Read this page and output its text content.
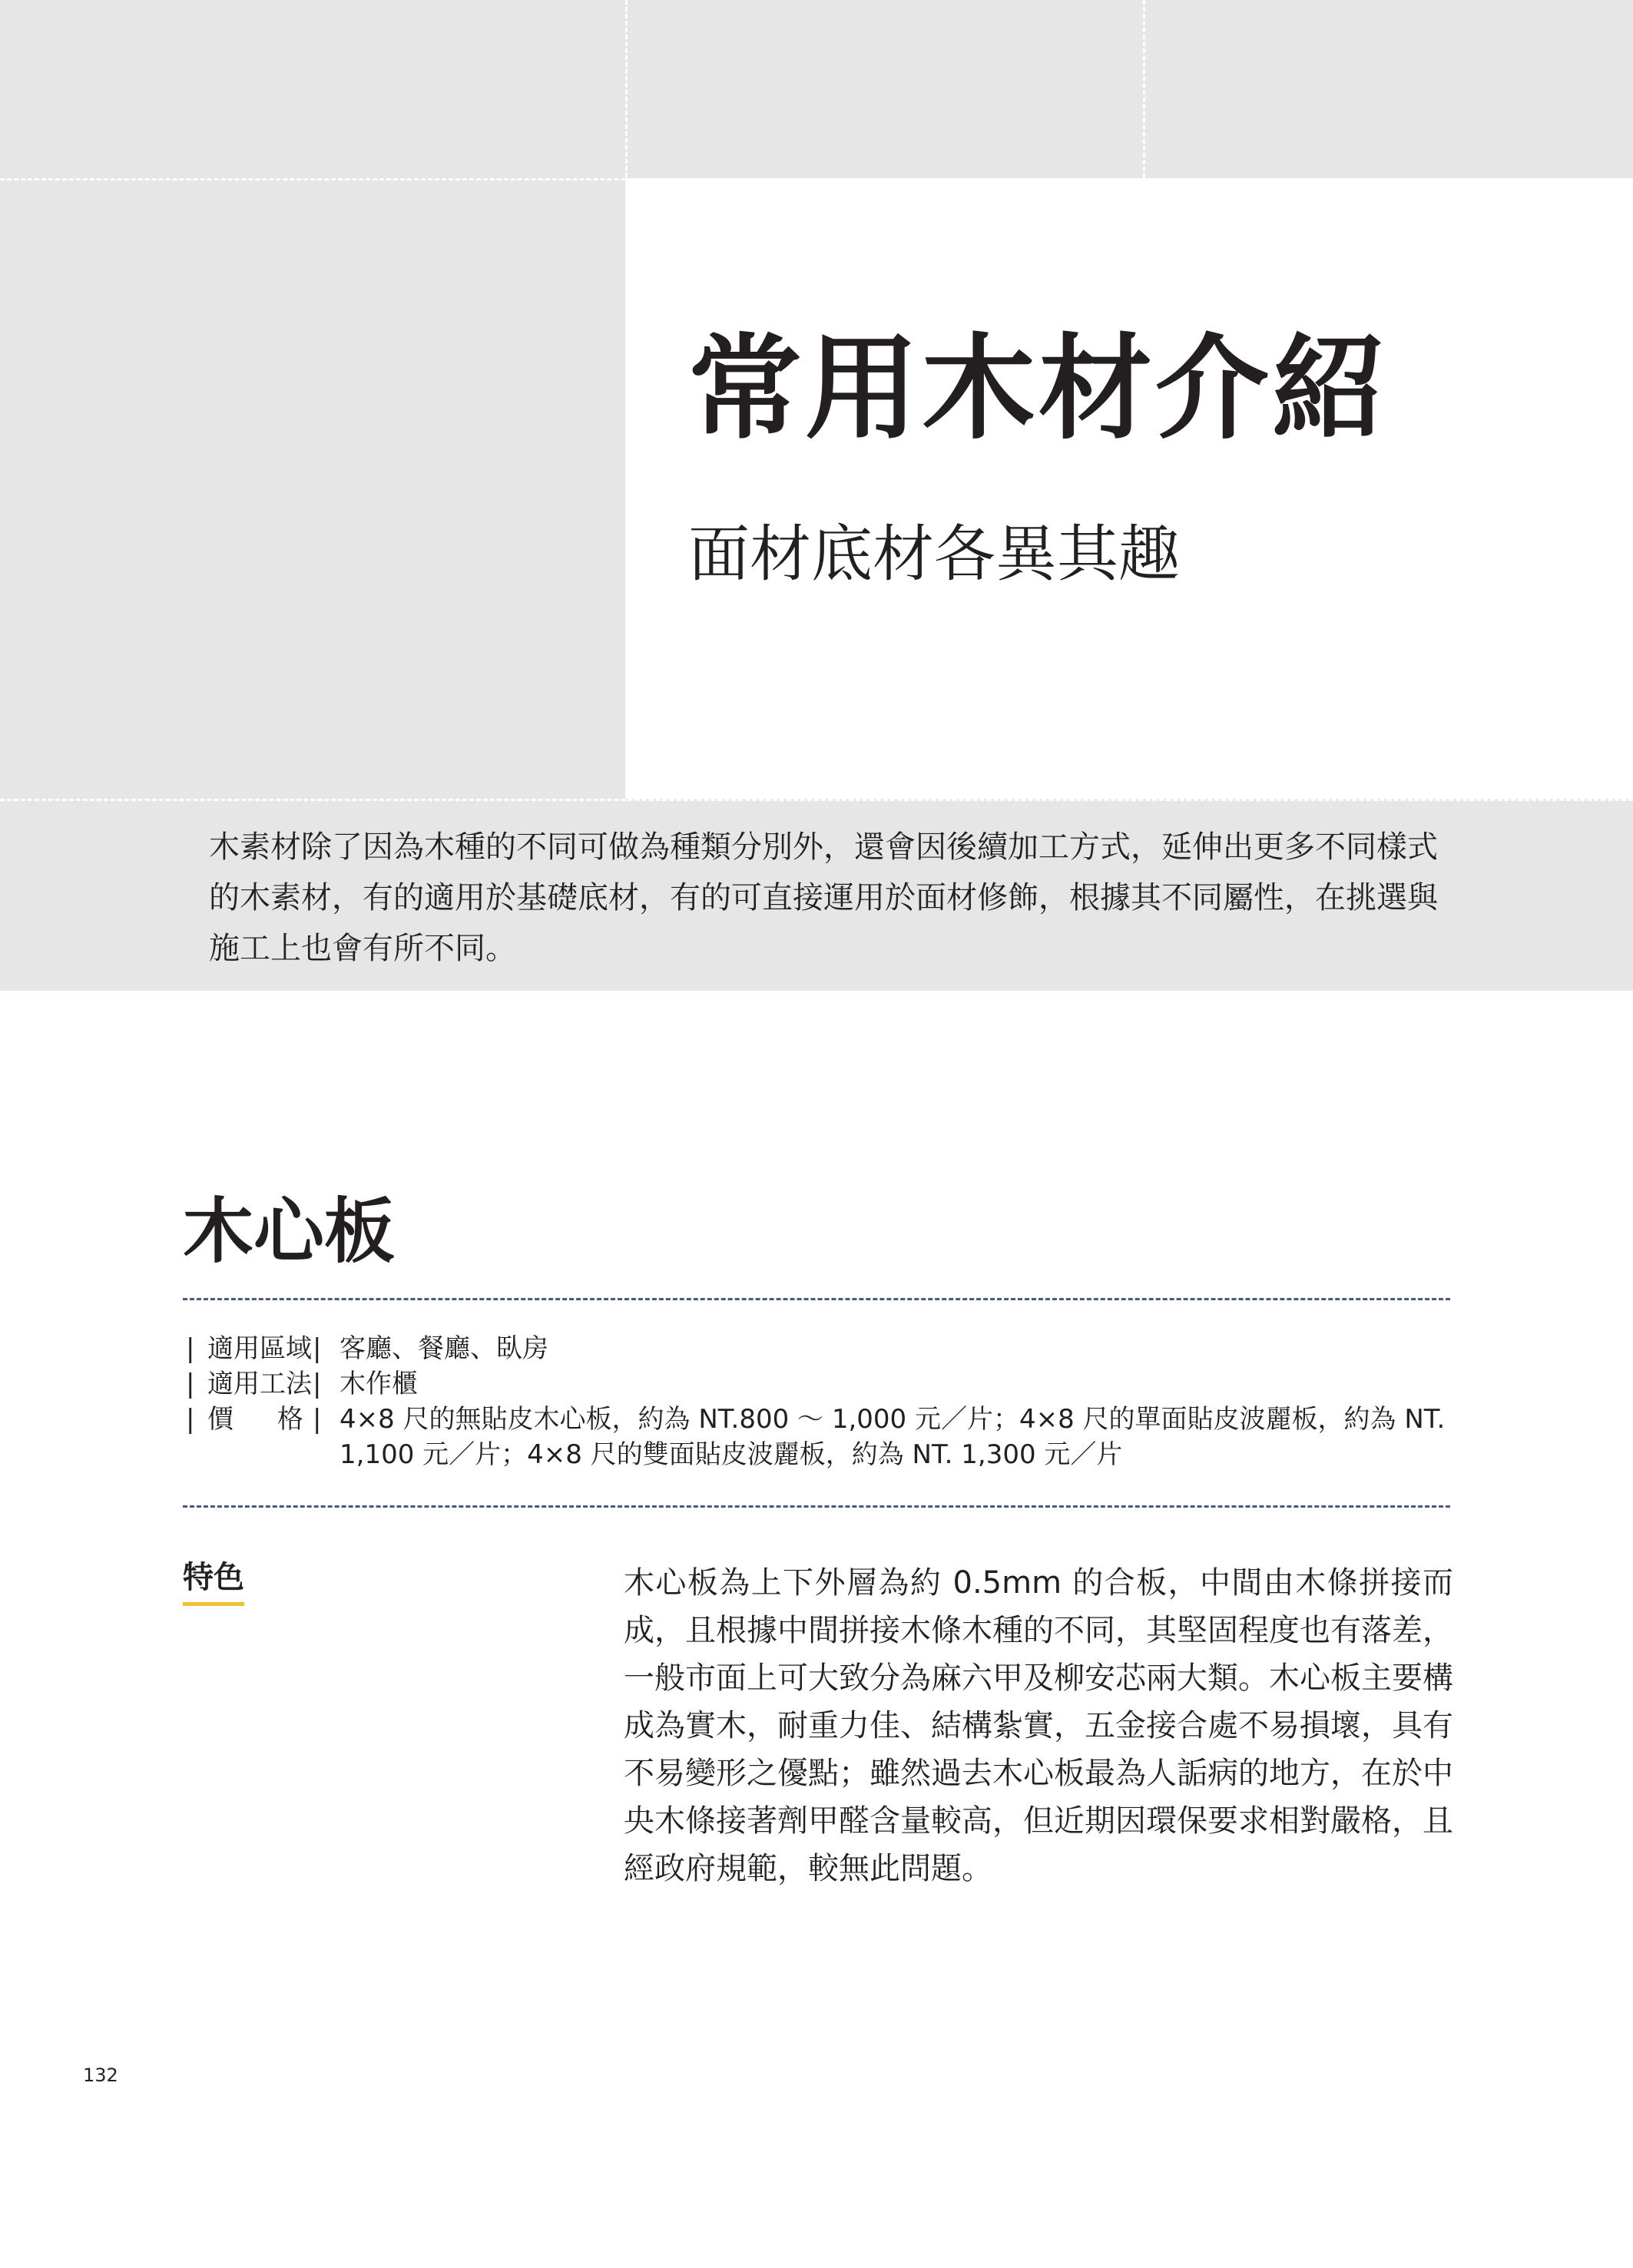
常用木材介紹
面材底材各異其趣

木素材除了因為木種的不同可做為種類分別外，還會因後續加工方式，延伸出更多不同樣式的木素材，有的適用於基礎底材，有的可直接運用於面材修飾，根據其不同屬性，在挑選與施工上也會有所不同。

木心板
| 適用區域 | 客廳、餐廳、臥房
| 適用工法 | 木作櫃
| 價 格 | 4×8 尺的無貼皮木心板，約為 NT.800 ～ 1,000 元／片；4×8 尺的單面貼皮波麗板，約為 NT. 1,100 元／片；4×8 尺的雙面貼皮波麗板，約為 NT. 1,300 元／片
特色	木心板為上下外層為約 0.5mm 的合板，中間由木條拼接而成，且根據中間拼接木條木種的不同，其堅固程度也有落差，一般市面上可大致分為麻六甲及柳安芯兩大類。木心板主要構成為實木，耐重力佳、結構紮實，五金接合處不易損壞，具有不易變形之優點；雖然過去木心板最為人詬病的地方，在於中央木條接著劑甲醛含量較高，但近期因環保要求相對嚴格，且經政府規範，較無此問題。

132
